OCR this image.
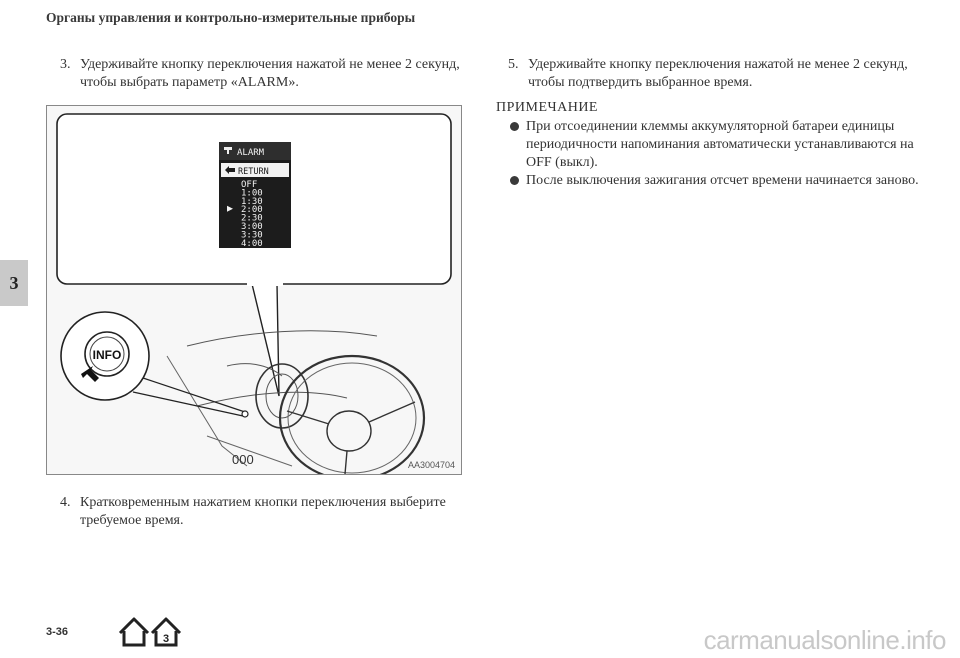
Органы управления и контрольно-измерительные приборы
3
3. Удерживайте кнопку переключения нажатой не менее 2 секунд, чтобы выбрать параметр «ALARM».
ALARM
RETURN
OFF
1:00
1:30
2:00
2:30
3:00
3:30
4:00
000
INFO
AA3004704
4. Кратковременным нажатием кнопки переключения выберите требуемое время.
5. Удерживайте кнопку переключения нажатой не менее 2 секунд, чтобы подтвердить выбранное время.
ПРИМЕЧАНИЕ
При отсоединении клеммы аккумуляторной батареи единицы периодичности напоминания автоматически устанавливаются на OFF (выкл).
После выключения зажигания отсчет времени начинается заново.
3-36
3	carmanualsonline.info
